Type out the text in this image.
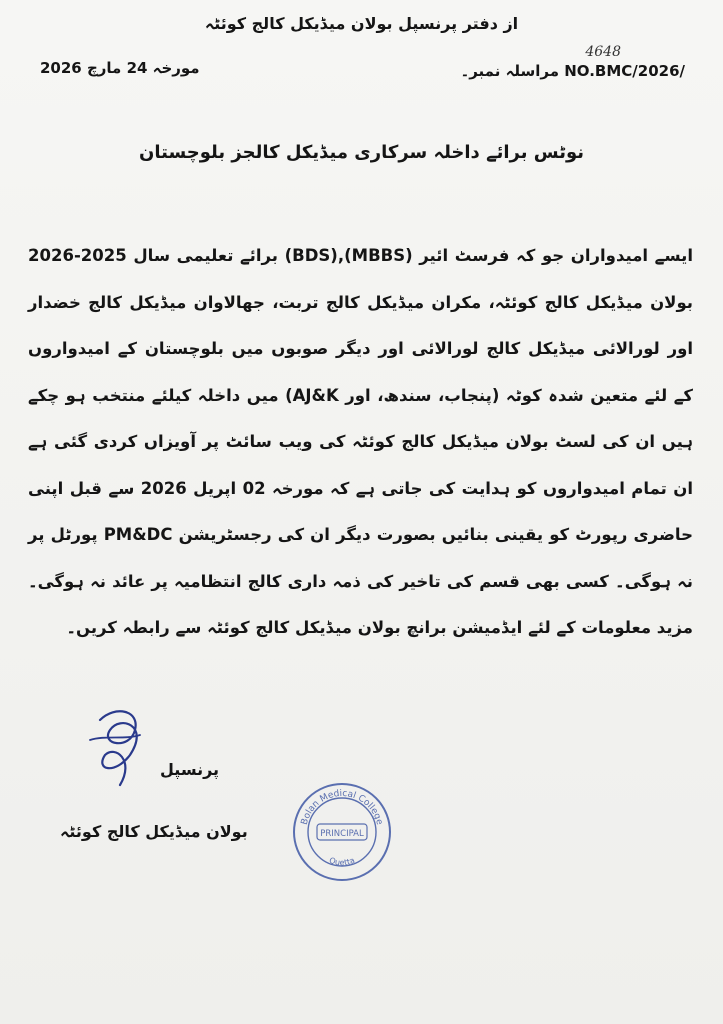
از دفتر پرنسپل بولان میڈیکل کالج کوئٹہ
4648
مراسلہ نمبر۔ NO.BMC/2026/
مورخہ 24 مارچ 2026
نوٹس برائے داخلہ سرکاری میڈیکل کالجز بلوچستان

ایسے امیدواران جو کہ فرسٹ ائیر (MBBS),(BDS) برائے تعلیمی سال 2025-2026 بولان میڈیکل کالج کوئٹہ، مکران میڈیکل کالج تربت، جھالاوان میڈیکل کالج خضدار اور لورالائی میڈیکل کالج لورالائی اور دیگر صوبوں میں بلوچستان کے امیدواروں کے لئے متعین شدہ کوٹہ (پنجاب، سندھ، اور AJ&K) میں داخلہ کیلئے منتخب ہو چکے ہیں ان کی لسٹ بولان میڈیکل کالج کوئٹہ کی ویب سائٹ پر آویزاں کردی گئی ہے ان تمام امیدواروں کو ہدایت کی جاتی ہے کہ مورخہ 02 اپریل 2026 سے قبل اپنی حاضری رپورٹ کو یقینی بنائیں بصورت دیگر ان کی رجسٹریشن PM&DC پورٹل پر نہ ہوگی۔ کسی بھی قسم کی تاخیر کی ذمہ داری کالج انتظامیہ پر عائد نہ ہوگی۔ مزید معلومات کے لئے ایڈمیشن برانچ بولان میڈیکل کالج کوئٹہ سے رابطہ کریں۔

پرنسپل
بولان میڈیکل کالج کوئٹہ
Bolan Medical College
PRINCIPAL
Quetta
